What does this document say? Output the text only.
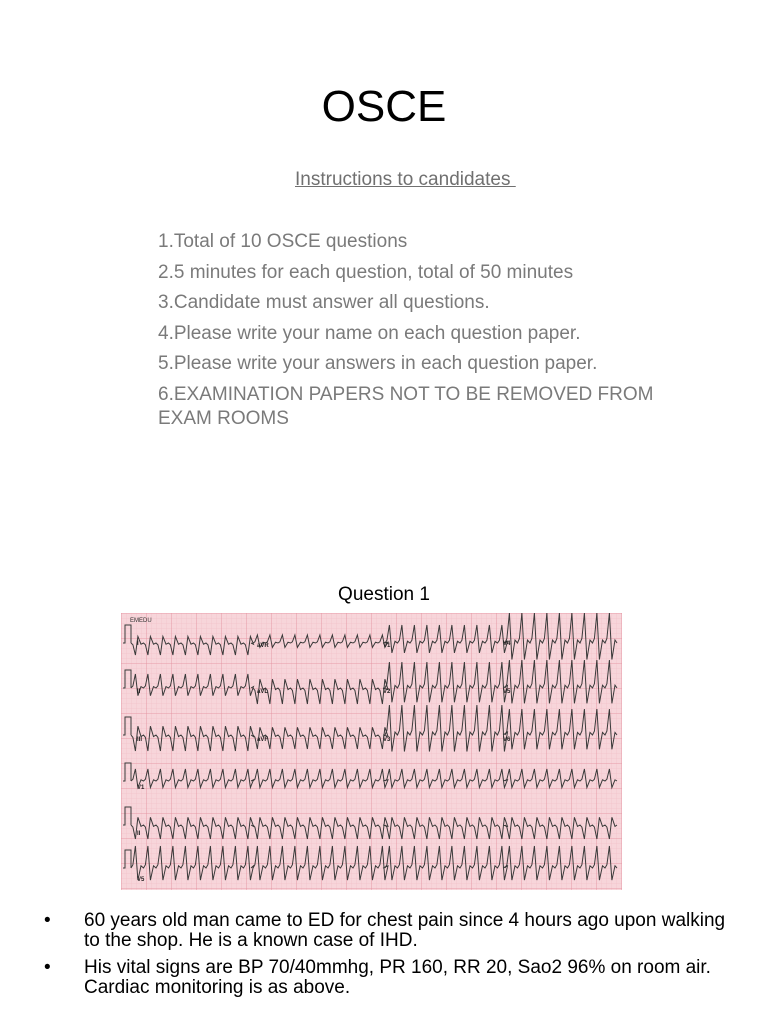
OSCE
Instructions to candidates
1.Total of 10 OSCE questions
2.5 minutes for each question, total of 50 minutes
3.Candidate must answer all questions.
4.Please write your name on each question paper.
5.Please write your answers in each question paper.
6.EXAMINATION PAPERS NOT TO BE REMOVED FROM EXAM ROOMS
Question 1
EMEDU
I	aVR	V1	V4
II	aVL	V2	V5
III	aVF	V3	V6
V1
II
V5
• 60 years old man came to ED for chest pain since 4 hours ago upon walking to the shop. He is a known case of IHD.
• His vital signs are BP 70/40mmhg, PR 160, RR 20, Sao2 96% on room air. Cardiac monitoring is as above.
